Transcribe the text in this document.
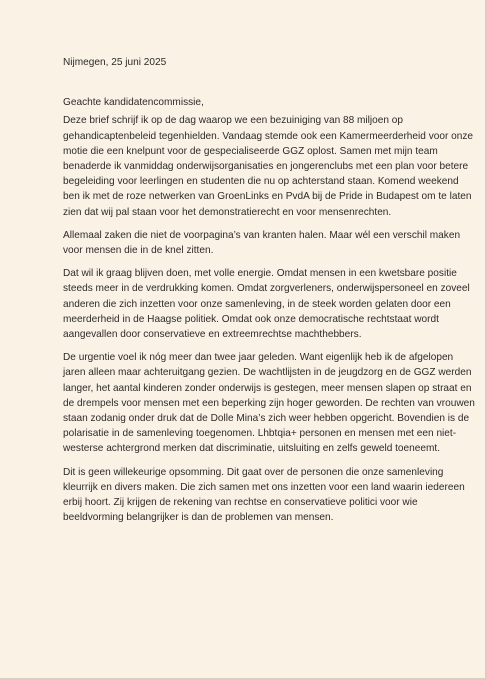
Nijmegen, 25 juni 2025
Geachte kandidatencommissie,

Deze brief schrijf ik op de dag waarop we een bezuiniging van 88 miljoen op gehandicaptenbeleid tegenhielden. Vandaag stemde ook een Kamermeerderheid voor onze motie die een knelpunt voor de gespecialiseerde GGZ oplost. Samen met mijn team benaderde ik vanmiddag onderwijsorganisaties en jongerenclubs met een plan voor betere begeleiding voor leerlingen en studenten die nu op achterstand staan. Komend weekend ben ik met de roze netwerken van GroenLinks en PvdA bij de Pride in Budapest om te laten zien dat wij pal staan voor het demonstratierecht en voor mensenrechten.

Allemaal zaken die niet de voorpagina’s van kranten halen. Maar wél een verschil maken voor mensen die in de knel zitten.

Dat wil ik graag blijven doen, met volle energie. Omdat mensen in een kwetsbare positie steeds meer in de verdrukking komen. Omdat zorgverleners, onderwijspersoneel en zoveel anderen die zich inzetten voor onze samenleving, in de steek worden gelaten door een meerderheid in de Haagse politiek. Omdat ook onze democratische rechtstaat wordt aangevallen door conservatieve en extreemrechtse machthebbers.

De urgentie voel ik nóg meer dan twee jaar geleden. Want eigenlijk heb ik de afgelopen jaren alleen maar achteruitgang gezien. De wachtlijsten in de jeugdzorg en de GGZ werden langer, het aantal kinderen zonder onderwijs is gestegen, meer mensen slapen op straat en de drempels voor mensen met een beperking zijn hoger geworden. De rechten van vrouwen staan zodanig onder druk dat de Dolle Mina’s zich weer hebben opgericht. Bovendien is de polarisatie in de samenleving toegenomen. Lhbtqia+ personen en mensen met een niet-westerse achtergrond merken dat discriminatie, uitsluiting en zelfs geweld toeneemt.

Dit is geen willekeurige opsomming. Dit gaat over de personen die onze samenleving kleurrijk en divers maken. Die zich samen met ons inzetten voor een land waarin iedereen erbij hoort. Zij krijgen de rekening van rechtse en conservatieve politici voor wie beeldvorming belangrijker is dan de problemen van mensen.
